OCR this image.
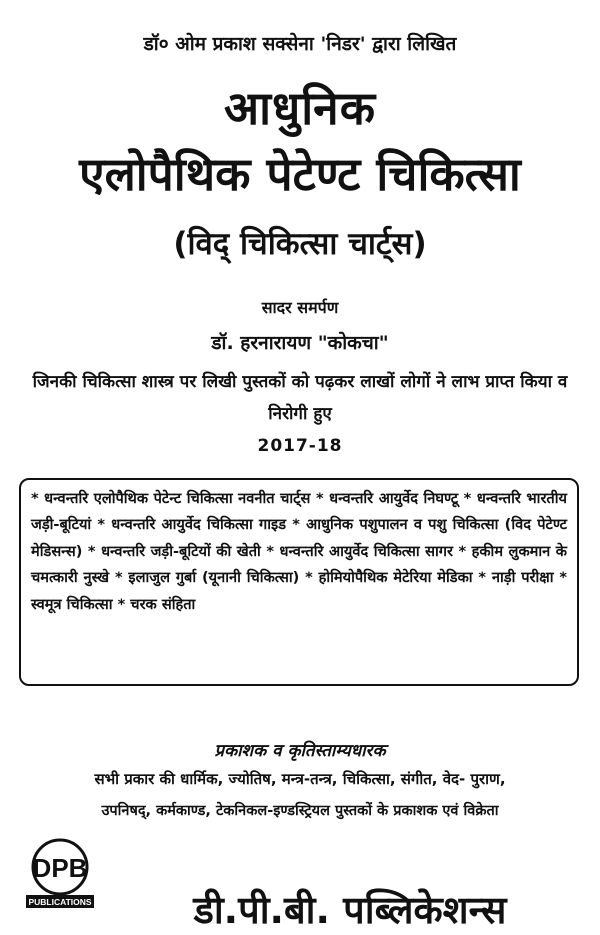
डॉ० ओम प्रकाश सक्सेना 'निडर' द्वारा लिखित

आधुनिक

एलोपैथिक पेटेण्ट चिकित्सा

(विद् चिकित्सा चार्ट्स)

सादर समर्पण

डॉ. हरनारायण "कोकचा"

जिनकी चिकित्सा शास्त्र पर लिखी पुस्तकों को पढ़कर लाखों लोगों ने लाभ प्राप्त किया व निरोगी हुए

2017-18

* धन्वन्तरि एलोपैथिक पेटेन्ट चिकित्सा नवनीत चार्ट्स * धन्वन्तरि आयुर्वेद निघण्टू * धन्वन्तरि भारतीय जड़ी-बूटियां * धन्वन्तरि आयुर्वेद चिकित्सा गाइड * आधुनिक पशुपालन व पशु चिकित्सा (विद पेटेण्ट मेडिसन्स) * धन्वन्तरि जड़ी-बूटियों की खेती * धन्वन्तरि आयुर्वेद चिकित्सा सागर * हकीम लुकमान के चमत्कारी नुस्खे * इलाजुल गुर्बा (यूनानी चिकित्सा) * होमियोपैथिक मेटेरिया मेडिका * नाड़ी परीक्षा * स्वमूत्र चिकित्सा * चरक संहिता

प्रकाशक व कृतिस्ताम्यधारक

सभी प्रकार की धार्मिक, ज्योतिष, मन्त्र-तन्त्र, चिकित्सा, संगीत, वेद- पुराण,

उपनिषद्, कर्मकाण्ड, टेकनिकल-इण्डस्ट्रियल पुस्तकों के प्रकाशक एवं विक्रेता

DPB
PUBLICATIONS	डी.पी.बी. पब्लिकेशन्स
